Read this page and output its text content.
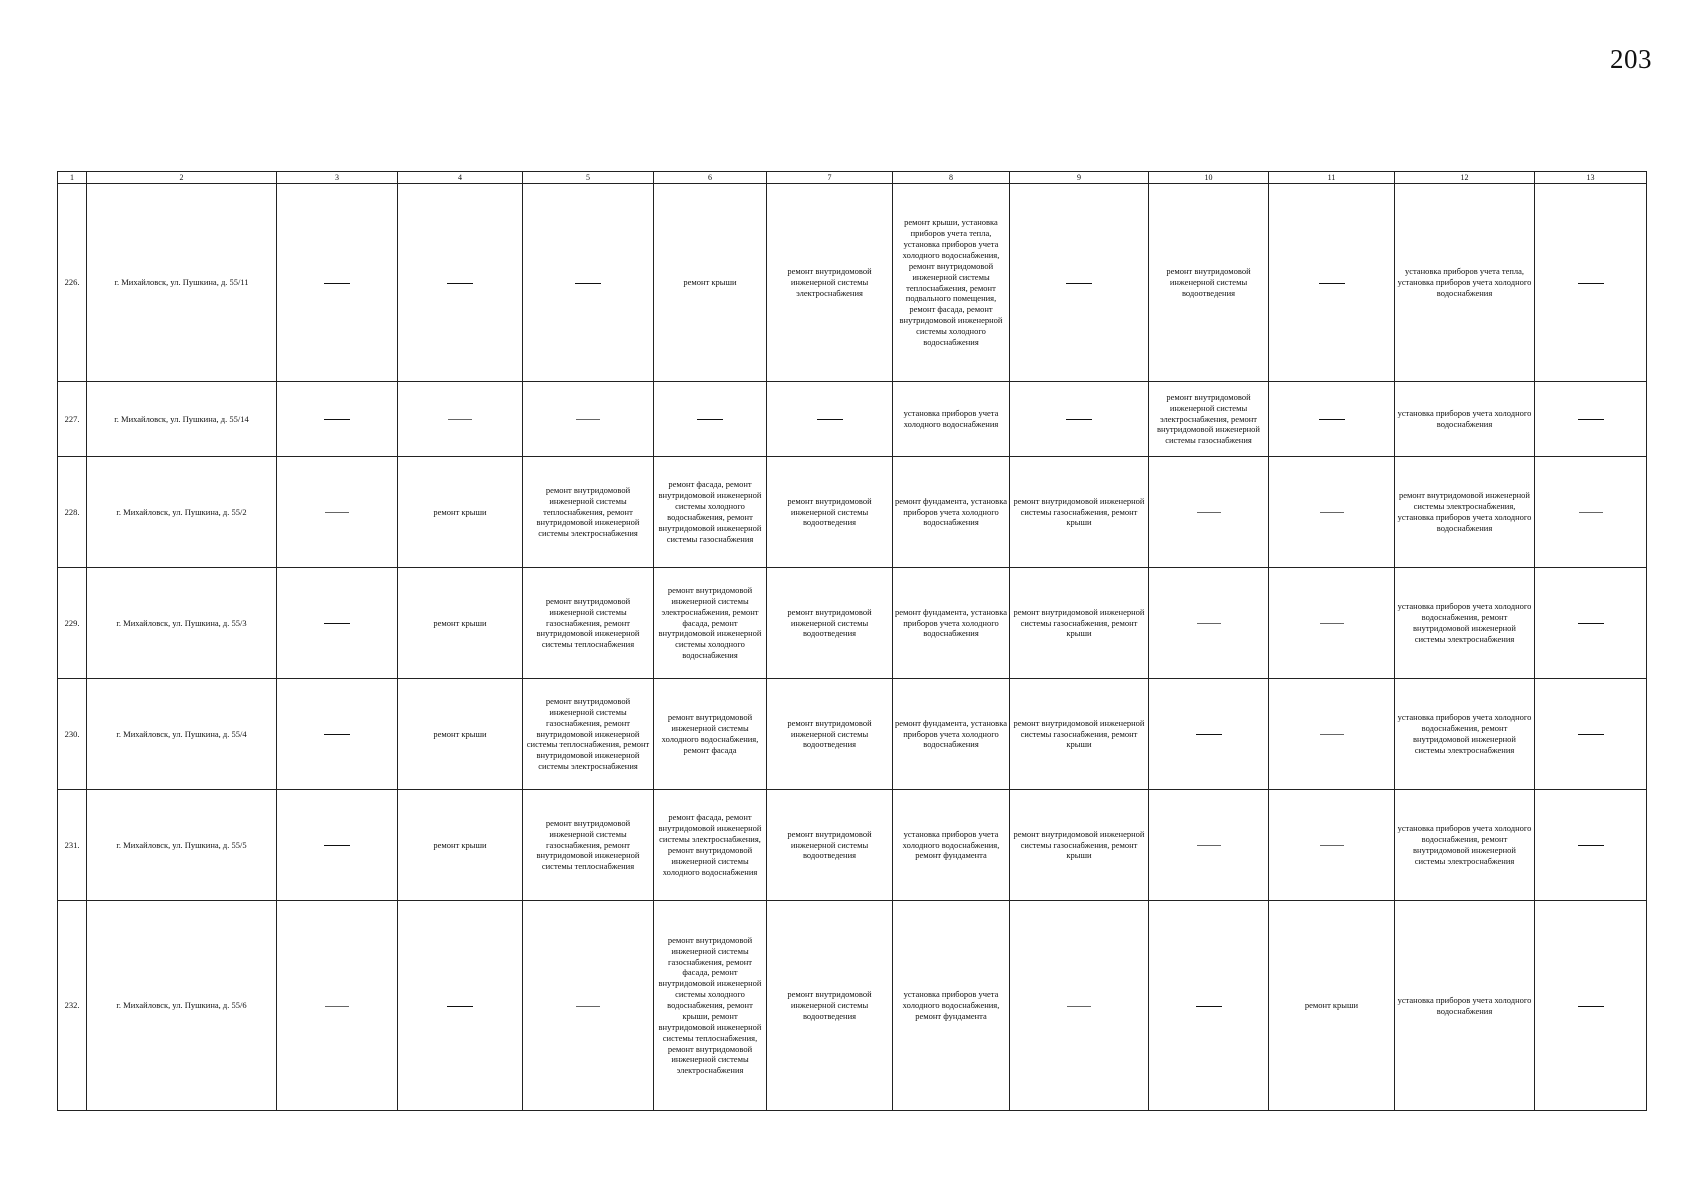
203
1	2	3	4	5	6	7	8	9	10	11	12	13
226.	г. Михайловск, ул. Пушкина, д. 55/11				ремонт крыши	ремонт внутридомовой инженерной системы электроснабжения	ремонт крыши, установка приборов учета тепла, установка приборов учета холодного водоснабжения, ремонт внутридомовой инженерной системы теплоснабжения, ремонт подвального помещения, ремонт фасада, ремонт внутридомовой инженерной системы холодного водоснабжения		ремонт внутридомовой инженерной системы водоотведения		установка приборов учета тепла, установка приборов учета холодного водоснабжения	
227.	г. Михайловск, ул. Пушкина, д. 55/14						установка приборов учета холодного водоснабжения		ремонт внутридомовой инженерной системы электроснабжения, ремонт внутридомовой инженерной системы газоснабжения		установка приборов учета холодного водоснабжения	
228.	г. Михайловск, ул. Пушкина, д. 55/2		ремонт крыши	ремонт внутридомовой инженерной системы теплоснабжения, ремонт внутридомовой инженерной системы электроснабжения	ремонт фасада, ремонт внутридомовой инженерной системы холодного водоснабжения, ремонт внутридомовой инженерной системы газоснабжения	ремонт внутридомовой инженерной системы водоотведения	ремонт фундамента, установка приборов учета холодного водоснабжения	ремонт внутридомовой инженерной системы газоснабжения, ремонт крыши			ремонт внутридомовой инженерной системы электроснабжения, установка приборов учета холодного водоснабжения	
229.	г. Михайловск, ул. Пушкина, д. 55/3		ремонт крыши	ремонт внутридомовой инженерной системы газоснабжения, ремонт внутридомовой инженерной системы теплоснабжения	ремонт внутридомовой инженерной системы электроснабжения, ремонт фасада, ремонт внутридомовой инженерной системы холодного водоснабжения	ремонт внутридомовой инженерной системы водоотведения	ремонт фундамента, установка приборов учета холодного водоснабжения	ремонт внутридомовой инженерной системы газоснабжения, ремонт крыши			установка приборов учета холодного водоснабжения, ремонт внутридомовой инженерной системы электроснабжения	
230.	г. Михайловск, ул. Пушкина, д. 55/4		ремонт крыши	ремонт внутридомовой инженерной системы газоснабжения, ремонт внутридомовой инженерной системы теплоснабжения, ремонт внутридомовой инженерной системы электроснабжения	ремонт внутридомовой инженерной системы холодного водоснабжения, ремонт фасада	ремонт внутридомовой инженерной системы водоотведения	ремонт фундамента, установка приборов учета холодного водоснабжения	ремонт внутридомовой инженерной системы газоснабжения, ремонт крыши			установка приборов учета холодного водоснабжения, ремонт внутридомовой инженерной системы электроснабжения	
231.	г. Михайловск, ул. Пушкина, д. 55/5		ремонт крыши	ремонт внутридомовой инженерной системы газоснабжения, ремонт внутридомовой инженерной системы теплоснабжения	ремонт фасада, ремонт внутридомовой инженерной системы электроснабжения, ремонт внутридомовой инженерной системы холодного водоснабжения	ремонт внутридомовой инженерной системы водоотведения	установка приборов учета холодного водоснабжения, ремонт фундамента	ремонт внутридомовой инженерной системы газоснабжения, ремонт крыши			установка приборов учета холодного водоснабжения, ремонт внутридомовой инженерной системы электроснабжения	
232.	г. Михайловск, ул. Пушкина, д. 55/6				ремонт внутридомовой инженерной системы газоснабжения, ремонт фасада, ремонт внутридомовой инженерной системы холодного водоснабжения, ремонт крыши, ремонт внутридомовой инженерной системы теплоснабжения, ремонт внутридомовой инженерной системы электроснабжения	ремонт внутридомовой инженерной системы водоотведения	установка приборов учета холодного водоснабжения, ремонт фундамента			ремонт крыши	установка приборов учета холодного водоснабжения	
